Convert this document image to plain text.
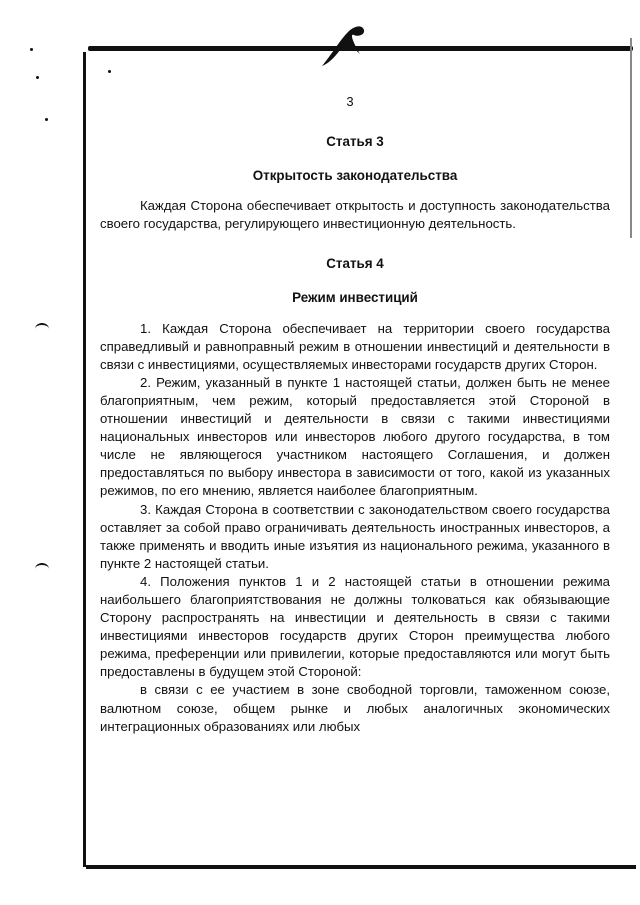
3
Статья 3
Открытость законодательства

Каждая Сторона обеспечивает открытость и доступность законодательства своего государства, регулирующего инвестиционную деятельность.

Статья 4
Режим инвестиций

1. Каждая Сторона обеспечивает на территории своего государства справедливый и равноправный режим в отношении инвестиций и деятельности в связи с инвестициями, осуществляемых инвесторами государств других Сторон.

2. Режим, указанный в пункте 1 настоящей статьи, должен быть не менее благоприятным, чем режим, который предоставляется этой Стороной в отношении инвестиций и деятельности в связи с такими инвестициями национальных инвесторов или инвесторов любого другого государства, в том числе не являющегося участником настоящего Соглашения, и должен предоставляться по выбору инвестора в зависимости от того, какой из указанных режимов, по его мнению, является наиболее благоприятным.

3. Каждая Сторона в соответствии с законодательством своего государства оставляет за собой право ограничивать деятельность иностранных инвесторов, а также применять и вводить иные изъятия из национального режима, указанного в пункте 2 настоящей статьи.

4. Положения пунктов 1 и 2 настоящей статьи в отношении режима наибольшего благоприятствования не должны толковаться как обязывающие Сторону распространять на инвестиции и деятельность в связи с такими инвестициями инвесторов государств других Сторон преимущества любого режима, преференции или привилегии, которые предоставляются или могут быть предоставлены в будущем этой Стороной:

в связи с ее участием в зоне свободной торговли, таможенном союзе, валютном союзе, общем рынке и любых аналогичных экономических интеграционных образованиях или любых
